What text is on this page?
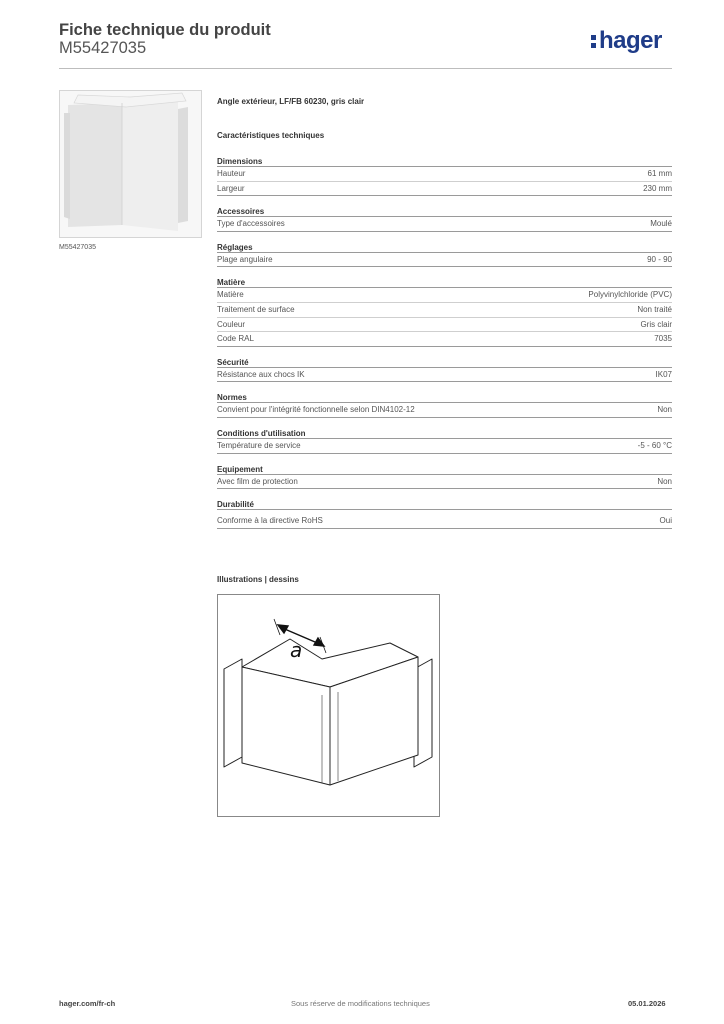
Fiche technique du produit
M55427035	hager
M55427035
Angle extérieur, LF/FB 60230, gris clair
Caractéristiques techniques
Dimensions
Hauteur	61 mm
Largeur	230 mm
Accessoires
Type d'accessoires	Moulé
Réglages
Plage angulaire	90 - 90
Matière
Matière	Polyvinylchloride (PVC)
Traitement de surface	Non traité
Couleur	Gris clair
Code RAL	7035
Sécurité
Résistance aux chocs IK	IK07
Normes
Convient pour l'intégrité fonctionnelle selon DIN4102-12	Non
Conditions d'utilisation
Température de service	-5 - 60 °C
Equipement
Avec film de protection	Non
Durabilité
Conforme à la directive RoHS	Oui
Illustrations | dessins
a
hager.com/fr-ch	Sous réserve de modifications techniques	05.01.2026
